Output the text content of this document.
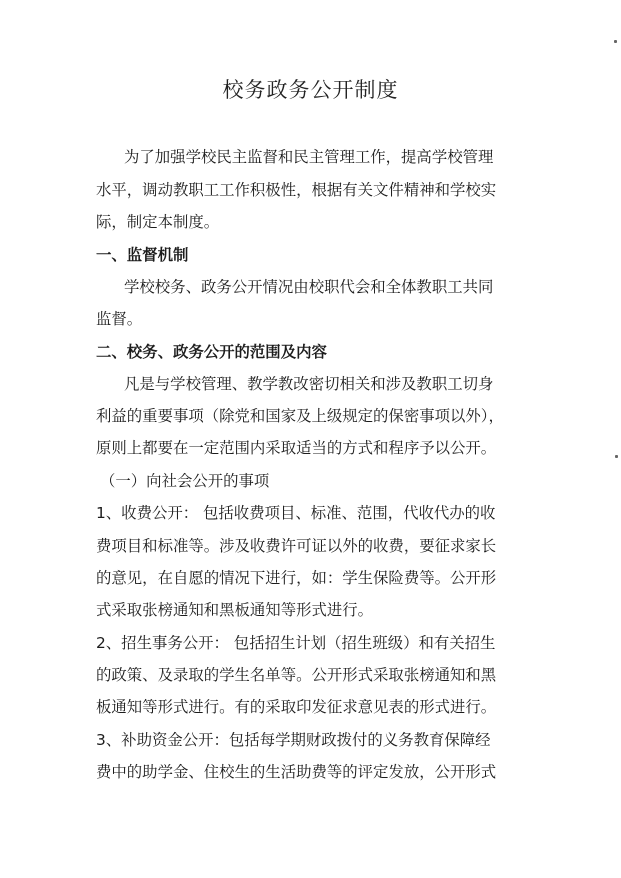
校务政务公开制度
为了加强学校民主监督和民主管理工作，提高学校管理
水平，调动教职工工作积极性，根据有关文件精神和学校实
际，制定本制度。
一、监督机制
学校校务、政务公开情况由校职代会和全体教职工共同
监督。
二、校务、政务公开的范围及内容
凡是与学校管理、教学教改密切相关和涉及教职工切身
利益的重要事项（除党和国家及上级规定的保密事项以外），
原则上都要在一定范围内采取适当的方式和程序予以公开。
（一）向社会公开的事项
1、收费公开： 包括收费项目、标准、范围，代收代办的收
费项目和标准等。涉及收费许可证以外的收费，要征求家长
的意见，在自愿的情况下进行，如：学生保险费等。公开形
式采取张榜通知和黑板通知等形式进行。
2、招生事务公开： 包括招生计划（招生班级）和有关招生
的政策、及录取的学生名单等。公开形式采取张榜通知和黑
板通知等形式进行。有的采取印发征求意见表的形式进行。
3、补助资金公开：包括每学期财政拨付的义务教育保障经
费中的助学金、住校生的生活助费等的评定发放，公开形式
